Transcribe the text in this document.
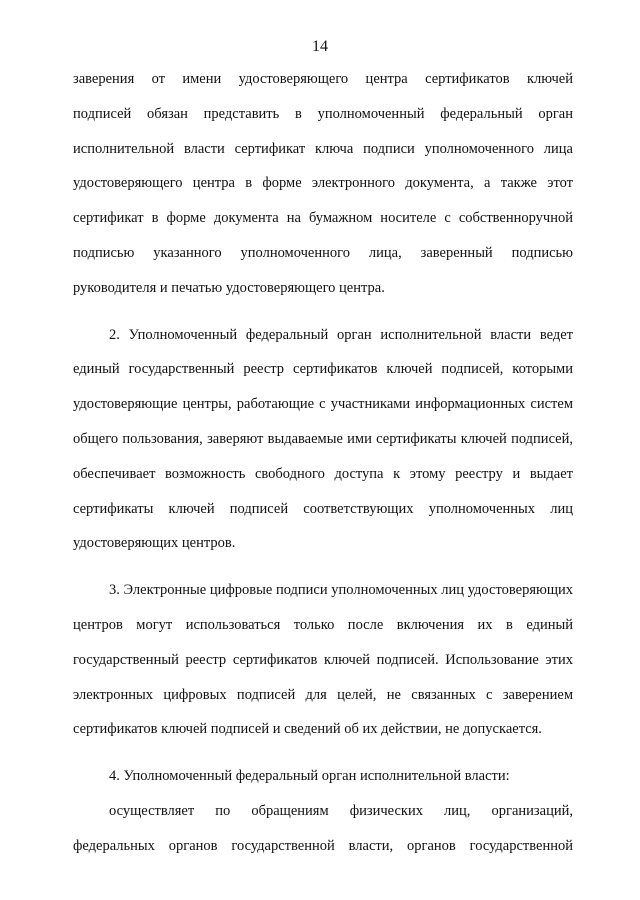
14
заверения от имени удостоверяющего центра сертификатов ключей
подписей обязан представить в уполномоченный федеральный орган
исполнительной власти сертификат ключа подписи уполномоченного лица
удостоверяющего центра в форме электронного документа, а также этот
сертификат в форме документа на бумажном носителе с собственноручной
подписью указанного уполномоченного лица, заверенный подписью
руководителя и печатью удостоверяющего центра.
2. Уполномоченный федеральный орган исполнительной власти ведет
единый государственный реестр сертификатов ключей подписей, которыми
удостоверяющие центры, работающие с участниками информационных систем
общего пользования, заверяют выдаваемые ими сертификаты ключей подписей,
обеспечивает возможность свободного доступа к этому реестру и выдает
сертификаты ключей подписей соответствующих уполномоченных лиц
удостоверяющих центров.
3. Электронные цифровые подписи уполномоченных лиц удостоверяющих
центров могут использоваться только после включения их в единый
государственный реестр сертификатов ключей подписей. Использование этих
электронных цифровых подписей для целей, не связанных с заверением
сертификатов ключей подписей и сведений об их действии, не допускается.
4. Уполномоченный федеральный орган исполнительной власти:
осуществляет по обращениям физических лиц, организаций,
федеральных органов государственной власти, органов государственной
